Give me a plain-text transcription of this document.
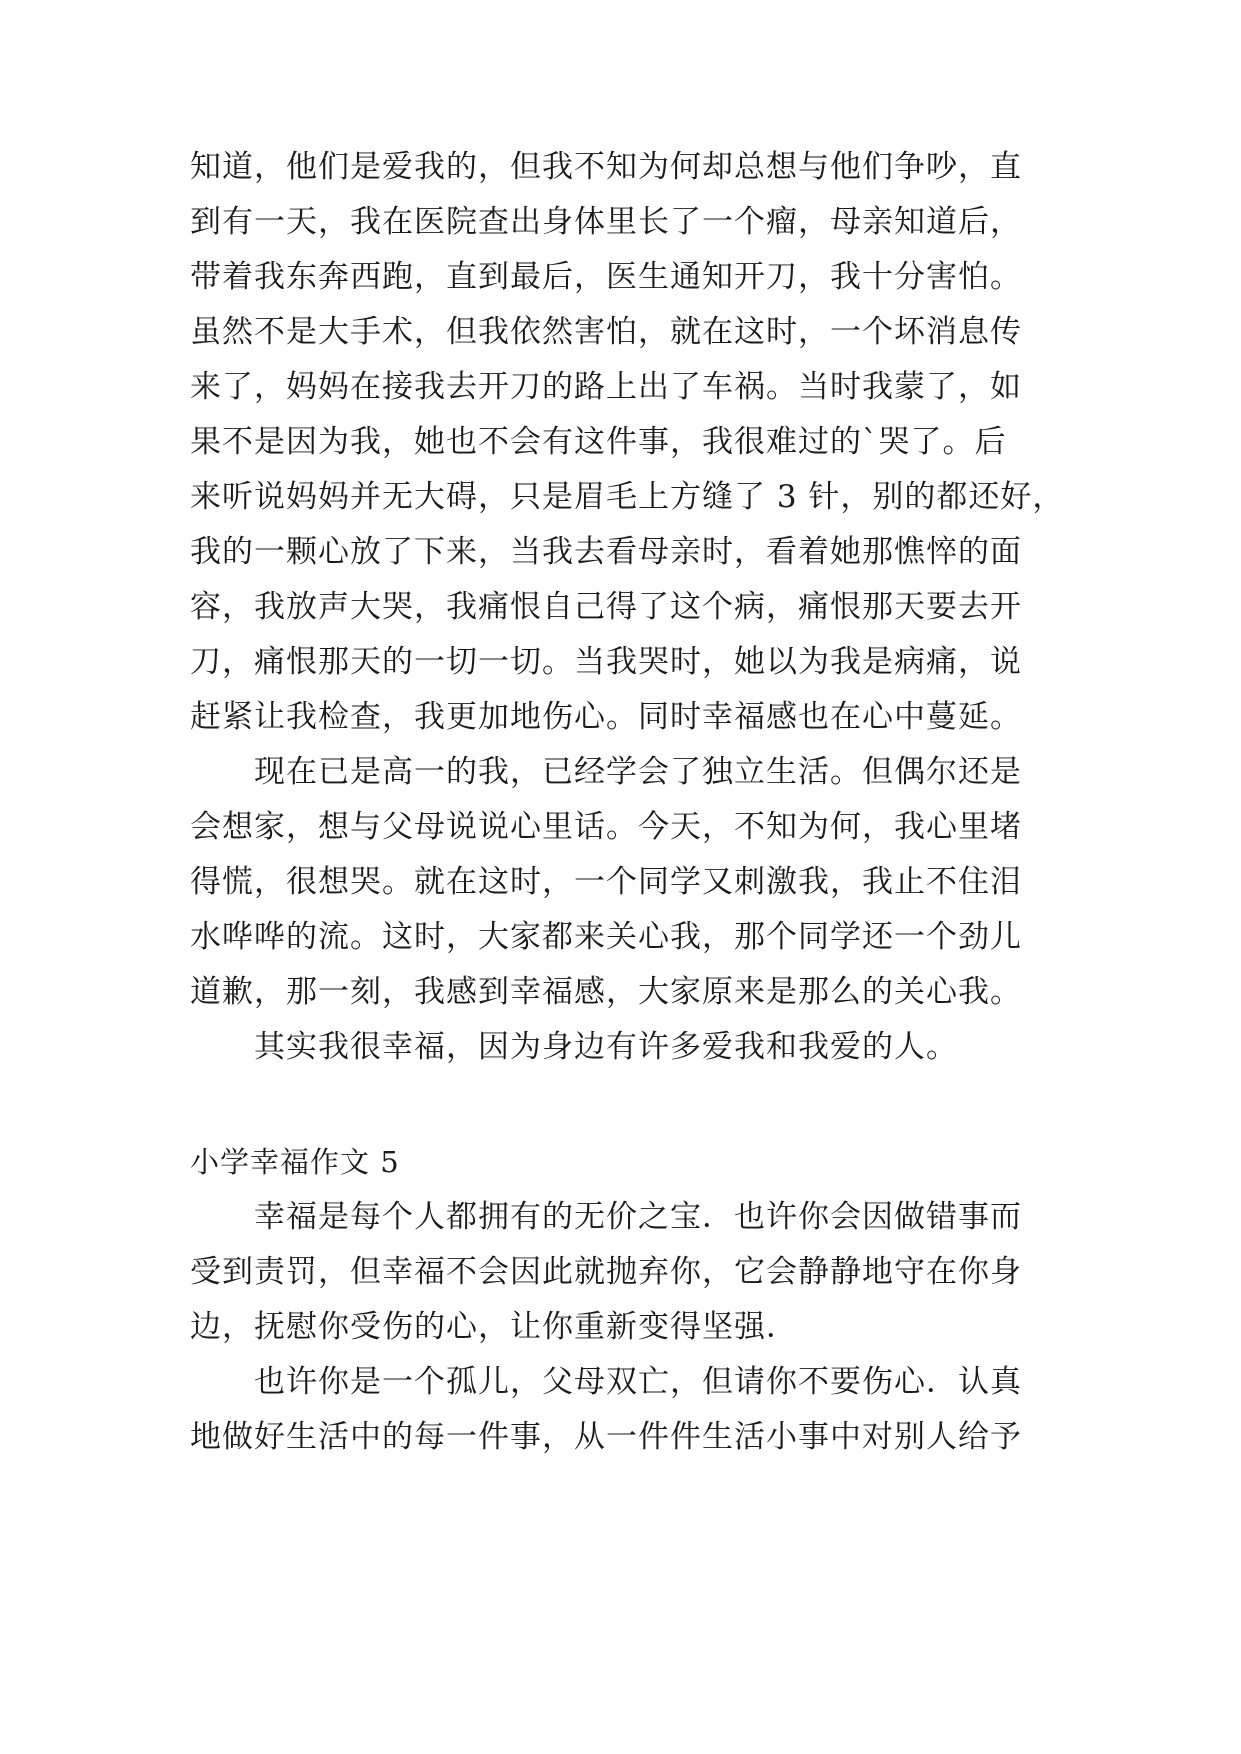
知道，他们是爱我的，但我不知为何却总想与他们争吵，直
到有一天，我在医院查出身体里长了一个瘤，母亲知道后，
带着我东奔西跑，直到最后，医生通知开刀，我十分害怕。
虽然不是大手术，但我依然害怕，就在这时，一个坏消息传
来了，妈妈在接我去开刀的路上出了车祸。当时我蒙了，如
果不是因为我，她也不会有这件事，我很难过的`哭了。后
来听说妈妈并无大碍，只是眉毛上方缝了 3 针，别的都还好，
我的一颗心放了下来，当我去看母亲时，看着她那憔悴的面
容，我放声大哭，我痛恨自己得了这个病，痛恨那天要去开
刀，痛恨那天的一切一切。当我哭时，她以为我是病痛，说
赶紧让我检查，我更加地伤心。同时幸福感也在心中蔓延。
现在已是高一的我，已经学会了独立生活。但偶尔还是
会想家，想与父母说说心里话。今天，不知为何，我心里堵
得慌，很想哭。就在这时，一个同学又刺激我，我止不住泪
水哗哗的流。这时，大家都来关心我，那个同学还一个劲儿
道歉，那一刻，我感到幸福感，大家原来是那么的关心我。
其实我很幸福，因为身边有许多爱我和我爱的人。
小学幸福作文 5
幸福是每个人都拥有的无价之宝．也许你会因做错事而
受到责罚，但幸福不会因此就抛弃你，它会静静地守在你身
边，抚慰你受伤的心，让你重新变得坚强．
也许你是一个孤儿，父母双亡，但请你不要伤心．认真
地做好生活中的每一件事，从一件件生活小事中对别人给予
